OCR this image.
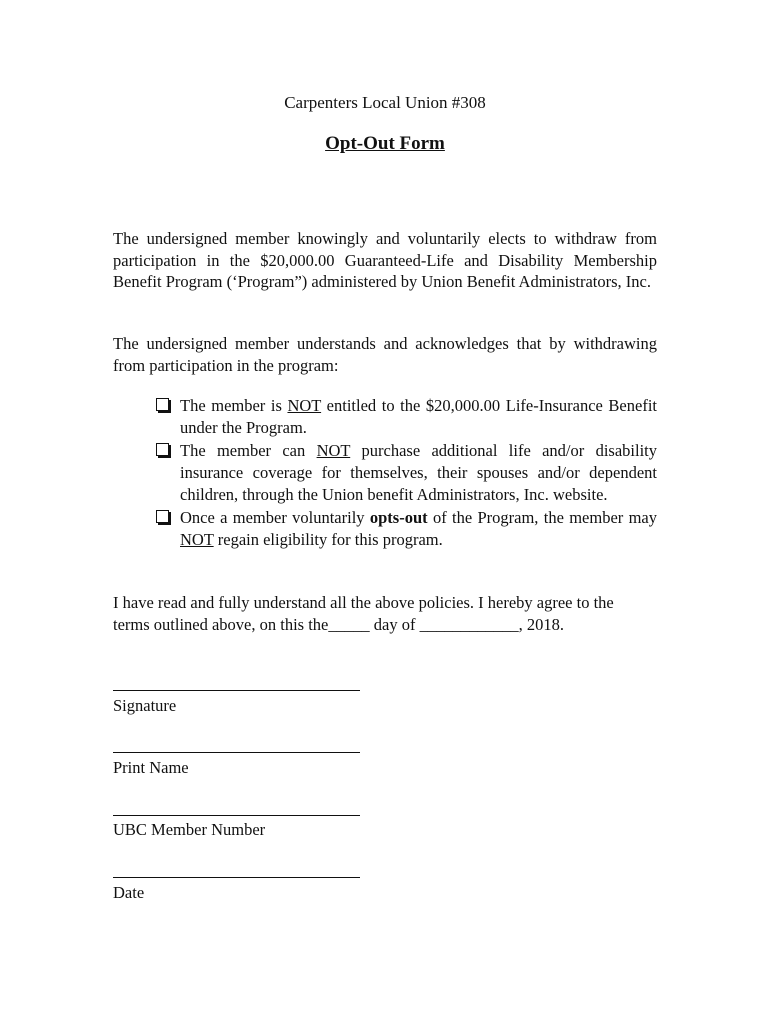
Carpenters Local Union #308
Opt-Out Form

The undersigned member knowingly and voluntarily elects to withdraw from participation in the $20,000.00 Guaranteed-Life and Disability Membership Benefit Program (‘Program”) administered by Union Benefit Administrators, Inc.

The undersigned member understands and acknowledges that by withdrawing from participation in the program:

The member is NOT entitled to the $20,000.00 Life-Insurance Benefit under the Program.
The member can NOT purchase additional life and/or disability insurance coverage for themselves, their spouses and/or dependent children, through the Union benefit Administrators, Inc. website.
Once a member voluntarily opts-out of the Program, the member may NOT regain eligibility for this program.
I have read and fully understand all the above policies. I hereby agree to the
terms outlined above, on this the_____ day of ____________, 2018.
Signature
Print Name
UBC Member Number
Date
